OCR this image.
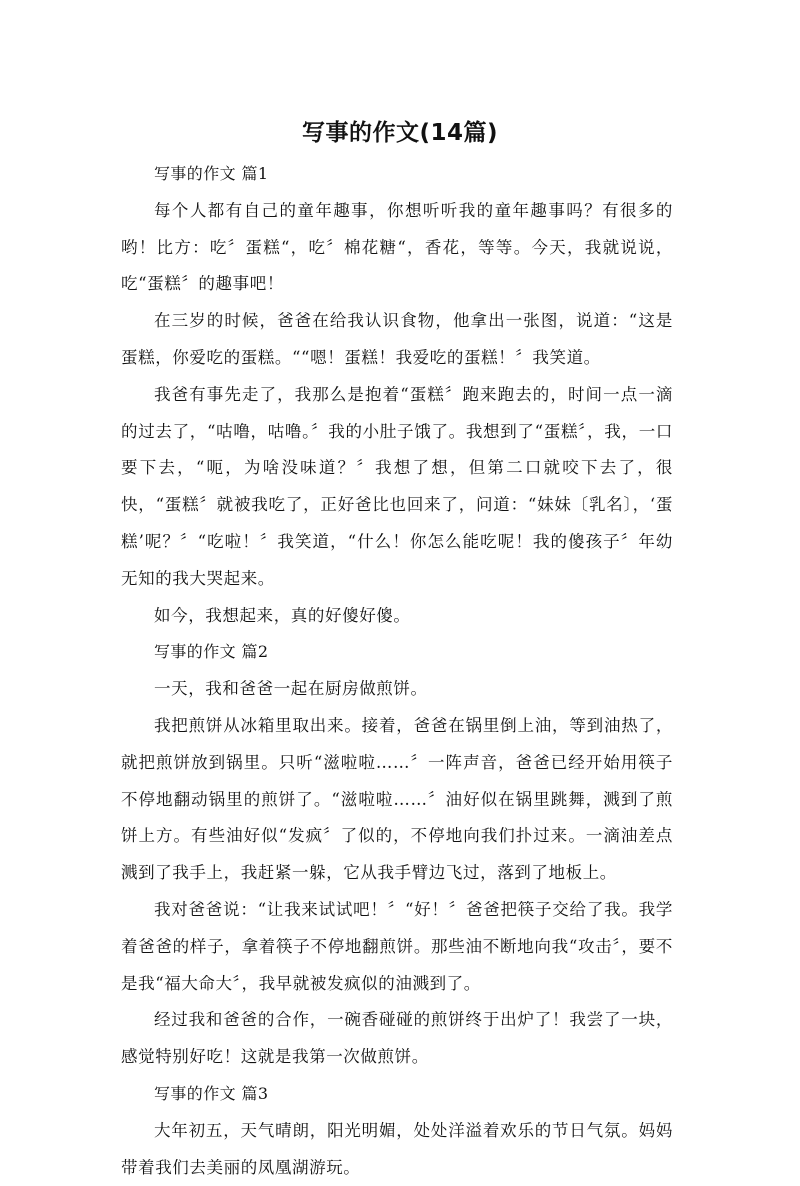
写事的作文(14篇)

写事的作文 篇1

每个人都有自己的童年趣事，你想听听我的童年趣事吗？有很多的哟！比方：吃〞蛋糕“，吃〞棉花糖“，香花，等等。今天，我就说说，吃“蛋糕〞的趣事吧！

在三岁的时候，爸爸在给我认识食物，他拿出一张图，说道：“这是蛋糕，你爱吃的蛋糕。““嗯！蛋糕！我爱吃的蛋糕！〞我笑道。

我爸有事先走了，我那么是抱着“蛋糕〞跑来跑去的，时间一点一滴的过去了，“咕噜，咕噜。〞我的小肚子饿了。我想到了“蛋糕〞，我，一口要下去，“呃，为啥没味道？〞我想了想，但第二口就咬下去了，很快，“蛋糕〞就被我吃了，正好爸比也回来了，问道：“妹妹〔乳名〕，‘蛋糕’呢？〞“吃啦！〞我笑道，“什么！你怎么能吃呢！我的傻孩子〞年幼无知的我大哭起来。

如今，我想起来，真的好傻好傻。

写事的作文 篇2

一天，我和爸爸一起在厨房做煎饼。

我把煎饼从冰箱里取出来。接着，爸爸在锅里倒上油，等到油热了，就把煎饼放到锅里。只听“滋啦啦……〞一阵声音，爸爸已经开始用筷子不停地翻动锅里的煎饼了。“滋啦啦……〞油好似在锅里跳舞，溅到了煎饼上方。有些油好似“发疯〞了似的，不停地向我们扑过来。一滴油差点溅到了我手上，我赶紧一躲，它从我手臂边飞过，落到了地板上。

我对爸爸说：“让我来试试吧！〞“好！〞爸爸把筷子交给了我。我学着爸爸的样子，拿着筷子不停地翻煎饼。那些油不断地向我“攻击〞，要不是我“福大命大〞，我早就被发疯似的油溅到了。

经过我和爸爸的合作，一碗香碰碰的煎饼终于出炉了！我尝了一块，感觉特别好吃！这就是我第一次做煎饼。

写事的作文 篇3

大年初五，天气晴朗，阳光明媚，处处洋溢着欢乐的节日气氛。妈妈带着我们去美丽的凤凰湖游玩。
